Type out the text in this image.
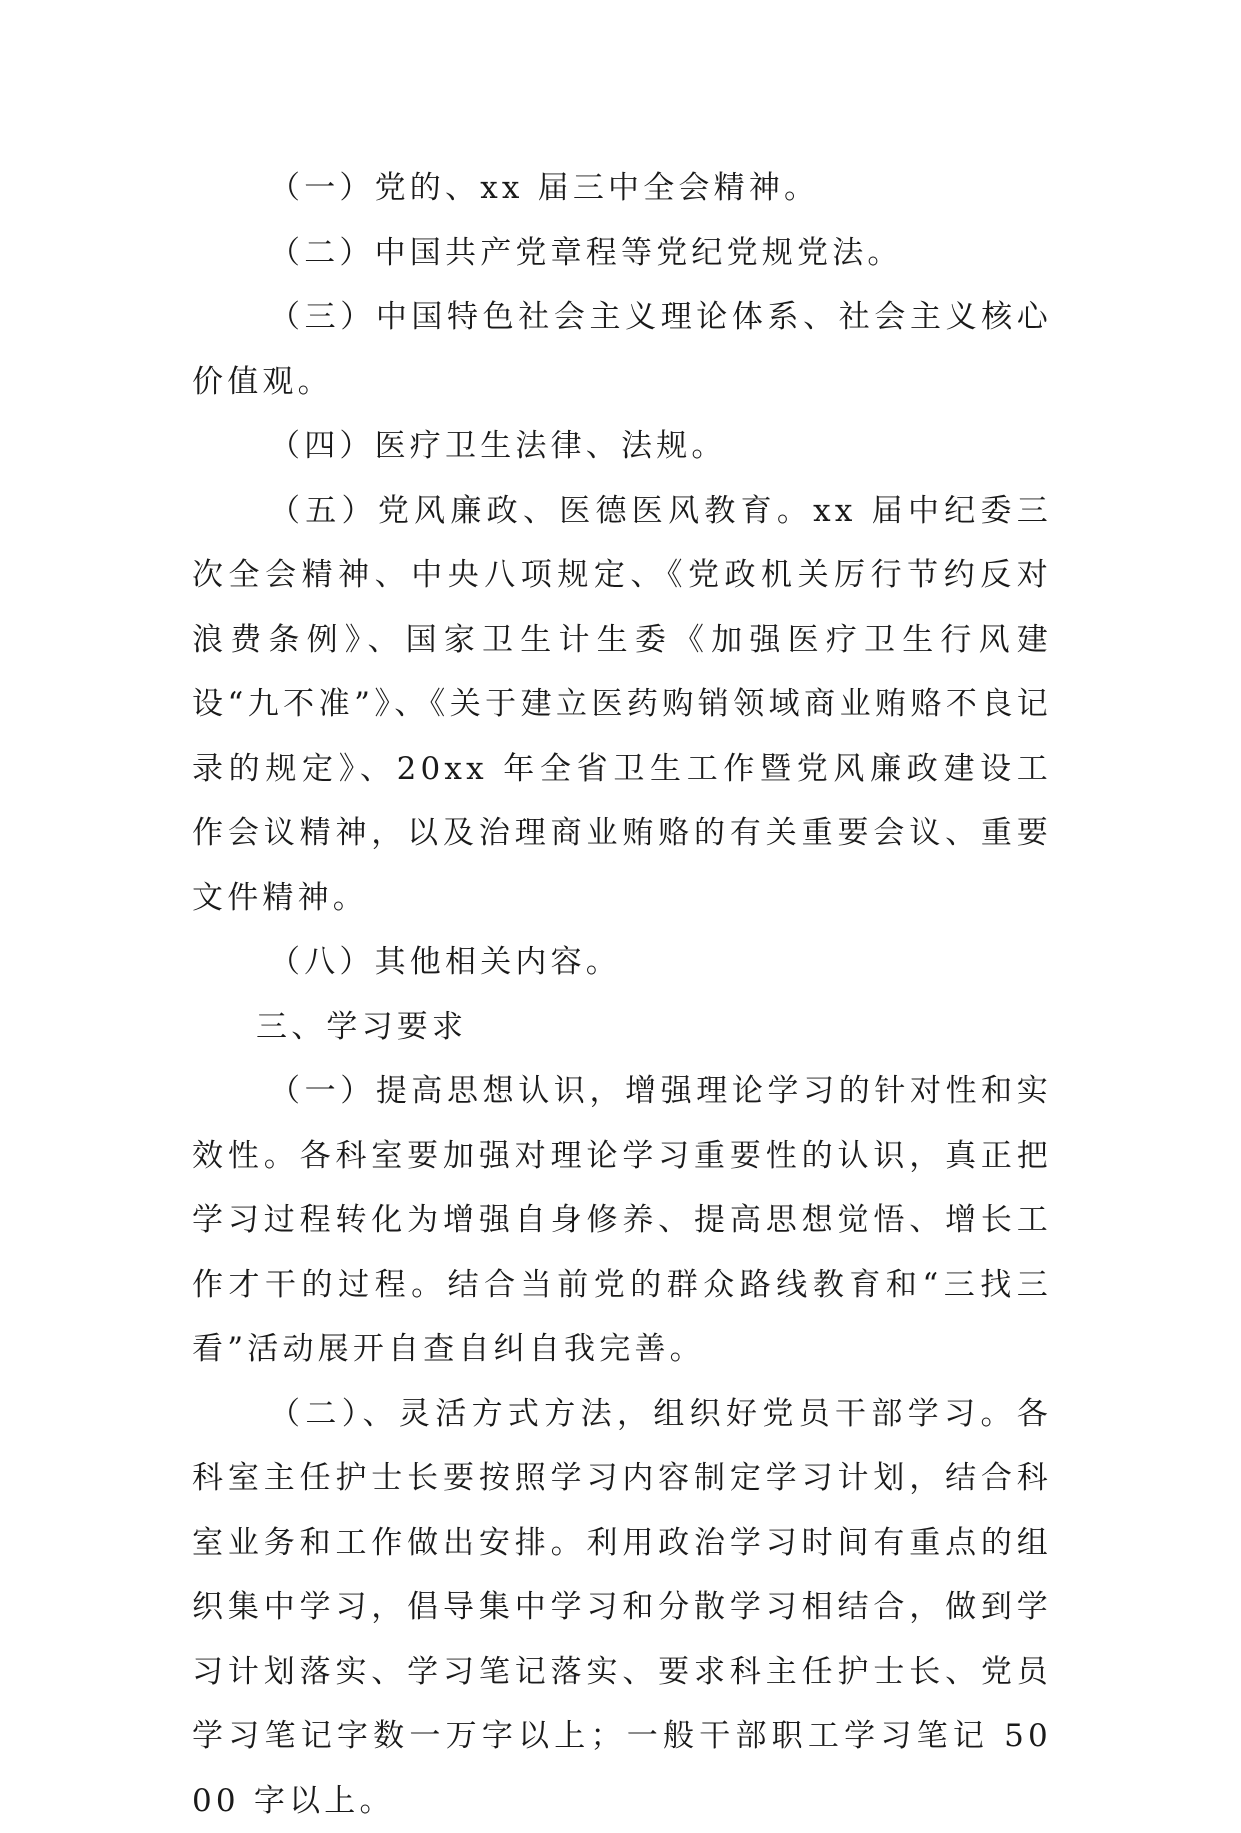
（一）党的、xx 届三中全会精神。

（二）中国共产党章程等党纪党规党法。

（三）中国特色社会主义理论体系、社会主义核心价值观。

（四）医疗卫生法律、法规。

（五）党风廉政、医德医风教育。xx 届中纪委三次全会精神、中央八项规定、《党政机关厉行节约反对浪费条例》、国家卫生计生委《加强医疗卫生行风建设“九不准”》、《关于建立医药购销领域商业贿赂不良记录的规定》、20xx 年全省卫生工作暨党风廉政建设工作会议精神，以及治理商业贿赂的有关重要会议、重要文件精神。

（八）其他相关内容。

三、学习要求

（一）提高思想认识，增强理论学习的针对性和实效性。各科室要加强对理论学习重要性的认识，真正把学习过程转化为增强自身修养、提高思想觉悟、增长工作才干的过程。结合当前党的群众路线教育和“三找三看”活动展开自查自纠自我完善。

（二）、灵活方式方法，组织好党员干部学习。各科室主任护士长要按照学习内容制定学习计划，结合科室业务和工作做出安排。利用政治学习时间有重点的组织集中学习，倡导集中学习和分散学习相结合，做到学习计划落实、学习笔记落实、要求科主任护士长、党员学习笔记字数一万字以上；一般干部职工学习笔记 5000 字以上。
